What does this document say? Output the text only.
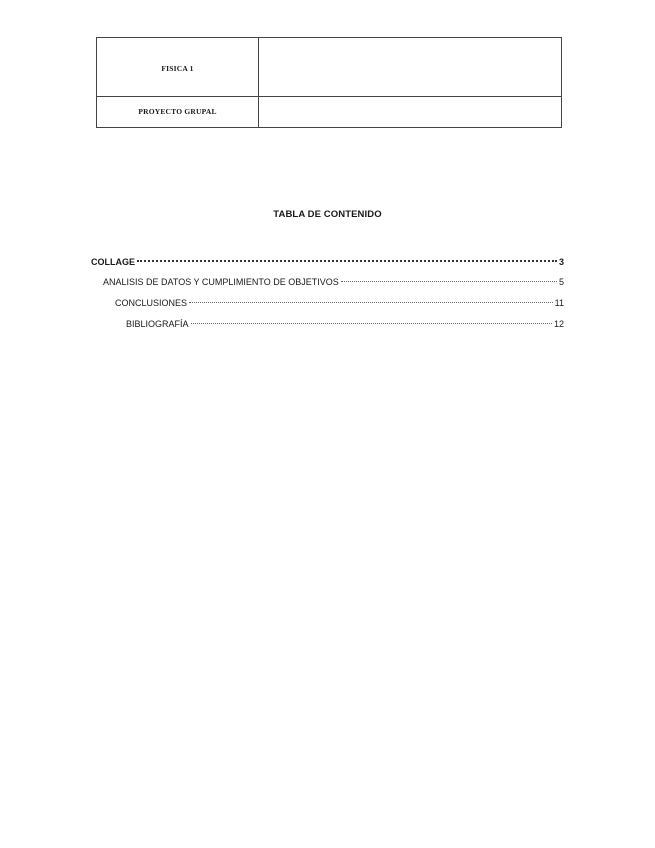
FISICA 1
PROYECTO GRUPAL
TABLA DE CONTENIDO
COLLAGE	3
ANALISIS DE DATOS Y CUMPLIMIENTO DE OBJETIVOS	5
CONCLUSIONES	11
BIBLIOGRAFÍA	12
